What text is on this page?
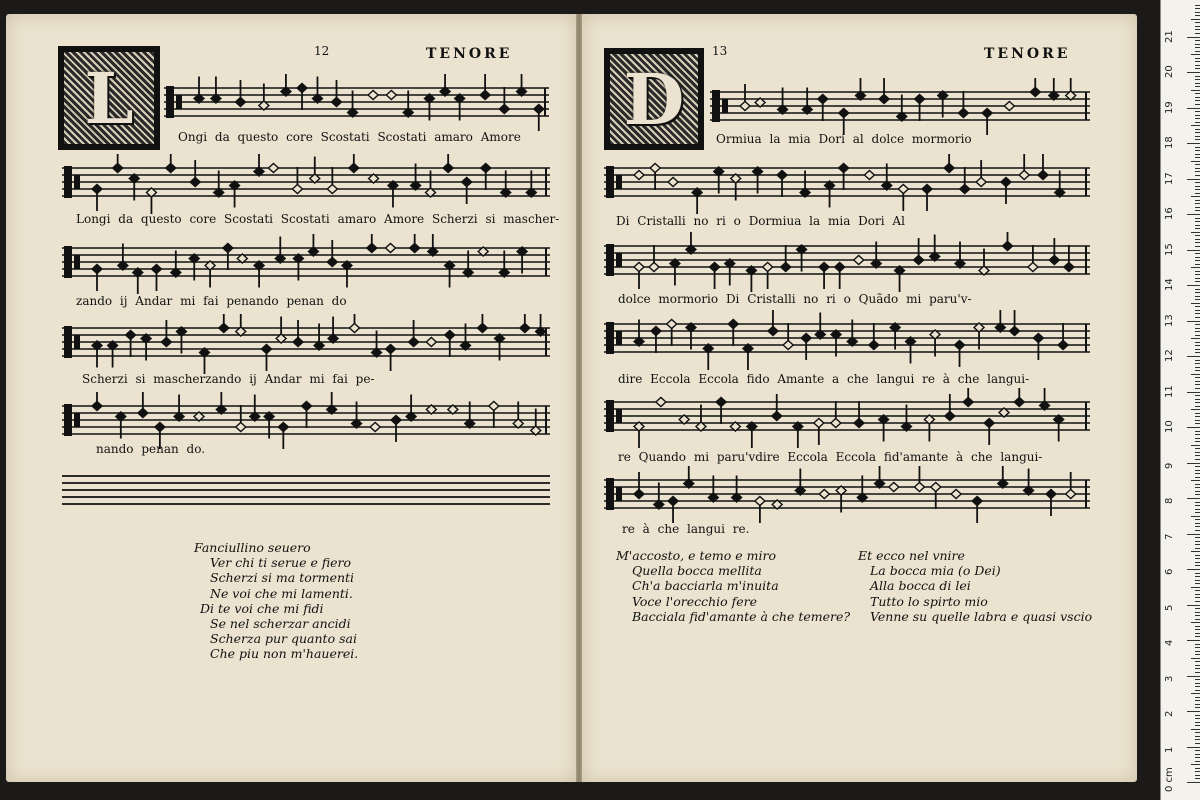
L
12	TENORE
Ongi da questo core Scostati Scostati amaro Amore
Longi da questo core Scostati Scostati amaro Amore Scherzi si mascher-
zando ij Andar mi fai penando penan do
Scherzi si mascherzando ij Andar mi fai pe-
nando penan do.
Fanciullino seuero
Ver chi ti serue e fiero
Scherzi si ma tormenti
Ne voi che mi lamenti.
Di te voi che mi fidi
Se nel scherzar ancidi
Scherza pur quanto sai
Che piu non m'hauerei.
D
13	TENORE
Ormiua la mia Dori al dolce mormorio
Di Cristalli no ri o Dormiua la mia Dori Al
dolce mormorio Di Cristalli no ri o Quãdo mi paru'v-
dire Eccola Eccola fido Amante a che langui re à che langui-
re Quando mi paru'vdire Eccola Eccola fid'amante à che langui-
re à che langui re.
M'accosto, e temo e miro
Quella bocca mellita
Ch'a bacciarla m'inuita
Voce l'orecchio fere
Bacciala fid'amante à che temere?
Et ecco nel vnire
La bocca mia (o Dei)
Alla bocca di lei
Tutto lo spirto mio
Venne su quelle labra e quasi vscio
0 cm
1
2
3
4
5
6
7
8
9
10
11
12
13
14
15
16
17
18
19
20
21
